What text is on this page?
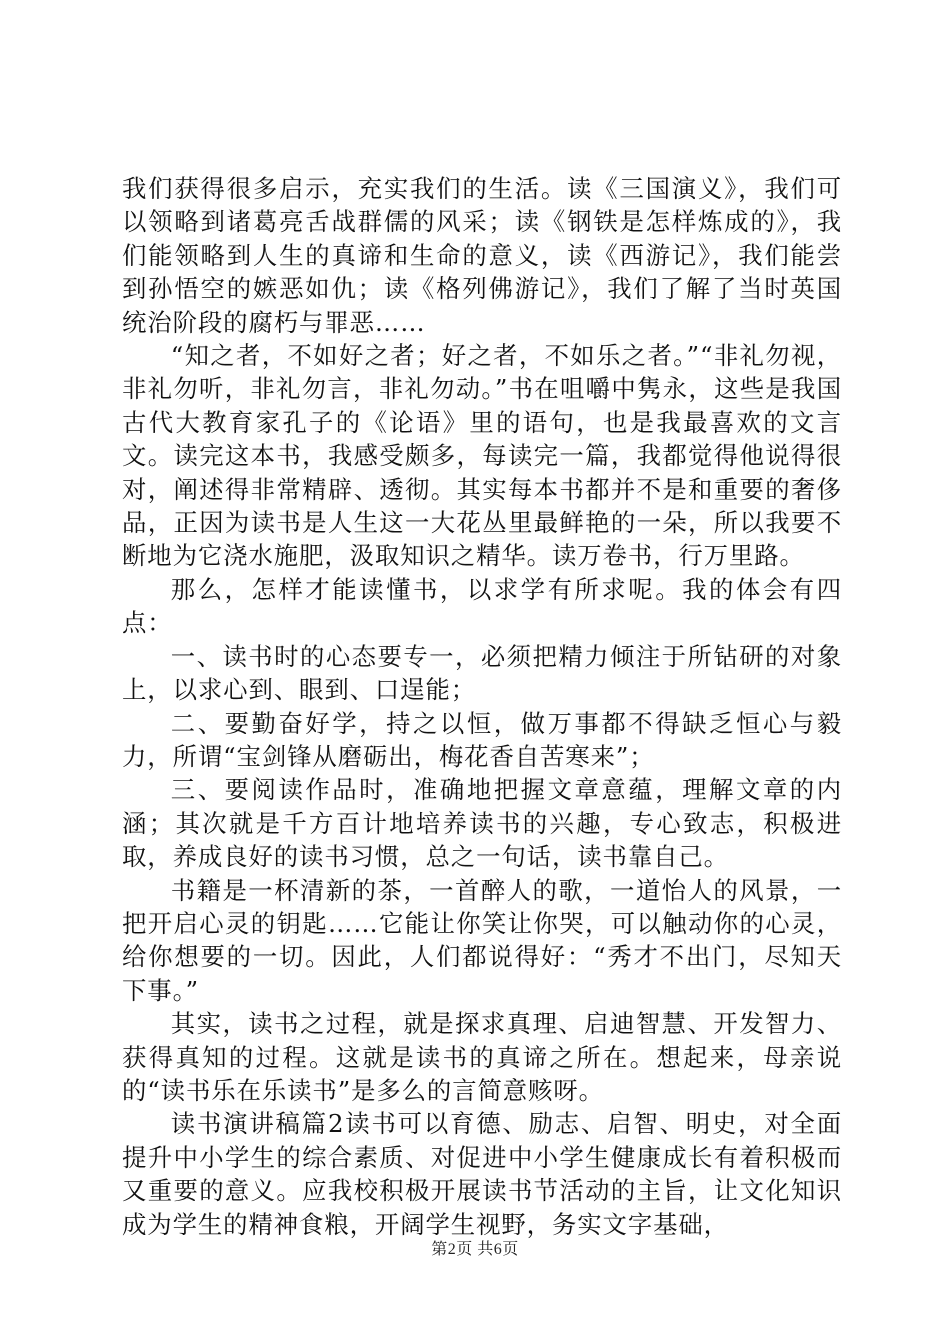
我们获得很多启示，充实我们的生活。读《三国演义》，我们可以领略到诸葛亮舌战群儒的风采；读《钢铁是怎样炼成的》，我们能领略到人生的真谛和生命的意义，读《西游记》，我们能尝到孙悟空的嫉恶如仇；读《格列佛游记》，我们了解了当时英国统治阶段的腐朽与罪恶……

“知之者，不如好之者；好之者，不如乐之者。”“非礼勿视，非礼勿听，非礼勿言，非礼勿动。”书在咀嚼中隽永，这些是我国古代大教育家孔子的《论语》里的语句，也是我最喜欢的文言文。读完这本书，我感受颇多，每读完一篇，我都觉得他说得很对，阐述得非常精辟、透彻。其实每本书都并不是和重要的奢侈品，正因为读书是人生这一大花丛里最鲜艳的一朵，所以我要不断地为它浇水施肥，汲取知识之精华。读万卷书，行万里路。

那么，怎样才能读懂书，以求学有所求呢。我的体会有四点：

一、读书时的心态要专一，必须把精力倾注于所钻研的对象上，以求心到、眼到、口逞能；

二、要勤奋好学，持之以恒，做万事都不得缺乏恒心与毅力，所谓“宝剑锋从磨砺出，梅花香自苦寒来”；

三、要阅读作品时，准确地把握文章意蕴，理解文章的内涵；其次就是千方百计地培养读书的兴趣，专心致志，积极进取，养成良好的读书习惯，总之一句话，读书靠自己。

书籍是一杯清新的茶，一首醉人的歌，一道怡人的风景，一把开启心灵的钥匙……它能让你笑让你哭，可以触动你的心灵，给你想要的一切。因此，人们都说得好：“秀才不出门，尽知天下事。”

其实，读书之过程，就是探求真理、启迪智慧、开发智力、获得真知的过程。这就是读书的真谛之所在。想起来，母亲说的“读书乐在乐读书”是多么的言简意赅呀。

读书演讲稿篇2读书可以育德、励志、启智、明史，对全面提升中小学生的综合素质、对促进中小学生健康成长有着积极而又重要的意义。应我校积极开展读书节活动的主旨，让文化知识成为学生的精神食粮，开阔学生视野，务实文字基础，

第2页 共6页
